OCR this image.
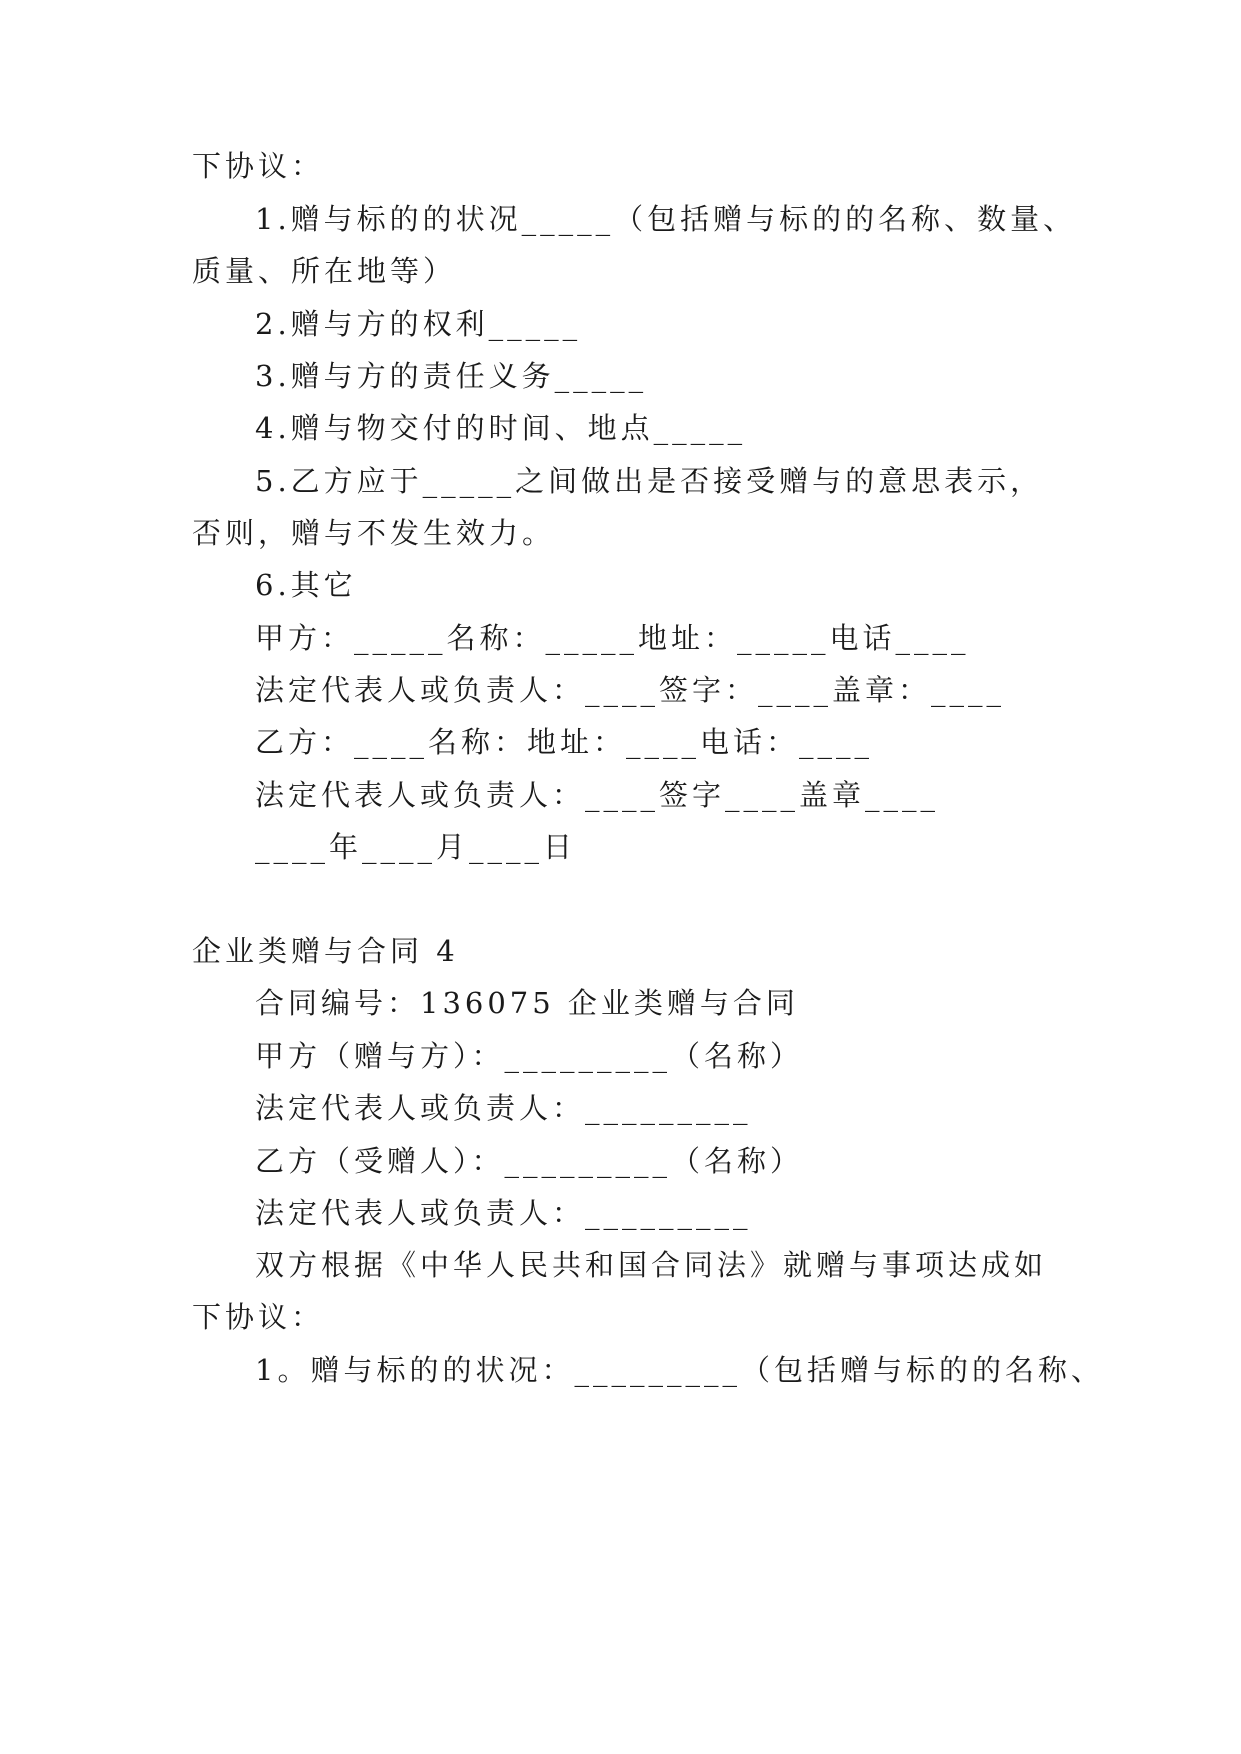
下协议：
1.赠与标的的状况_____（包括赠与标的的名称、数量、
质量、所在地等）
2.赠与方的权利_____
3.赠与方的责任义务_____
4.赠与物交付的时间、地点_____
5.乙方应于_____之间做出是否接受赠与的意思表示，
否则，赠与不发生效力。
6.其它
甲方：_____名称：_____地址：_____电话____
法定代表人或负责人：____签字：____盖章：____
乙方：____名称：地址：____电话：____
法定代表人或负责人：____签字____盖章____
____年____月____日
企业类赠与合同 4
合同编号：136075 企业类赠与合同
甲方（赠与方）：_________（名称）
法定代表人或负责人：_________
乙方（受赠人）：_________（名称）
法定代表人或负责人：_________
双方根据《中华人民共和国合同法》就赠与事项达成如
下协议：
1。赠与标的的状况：_________（包括赠与标的的名称、
